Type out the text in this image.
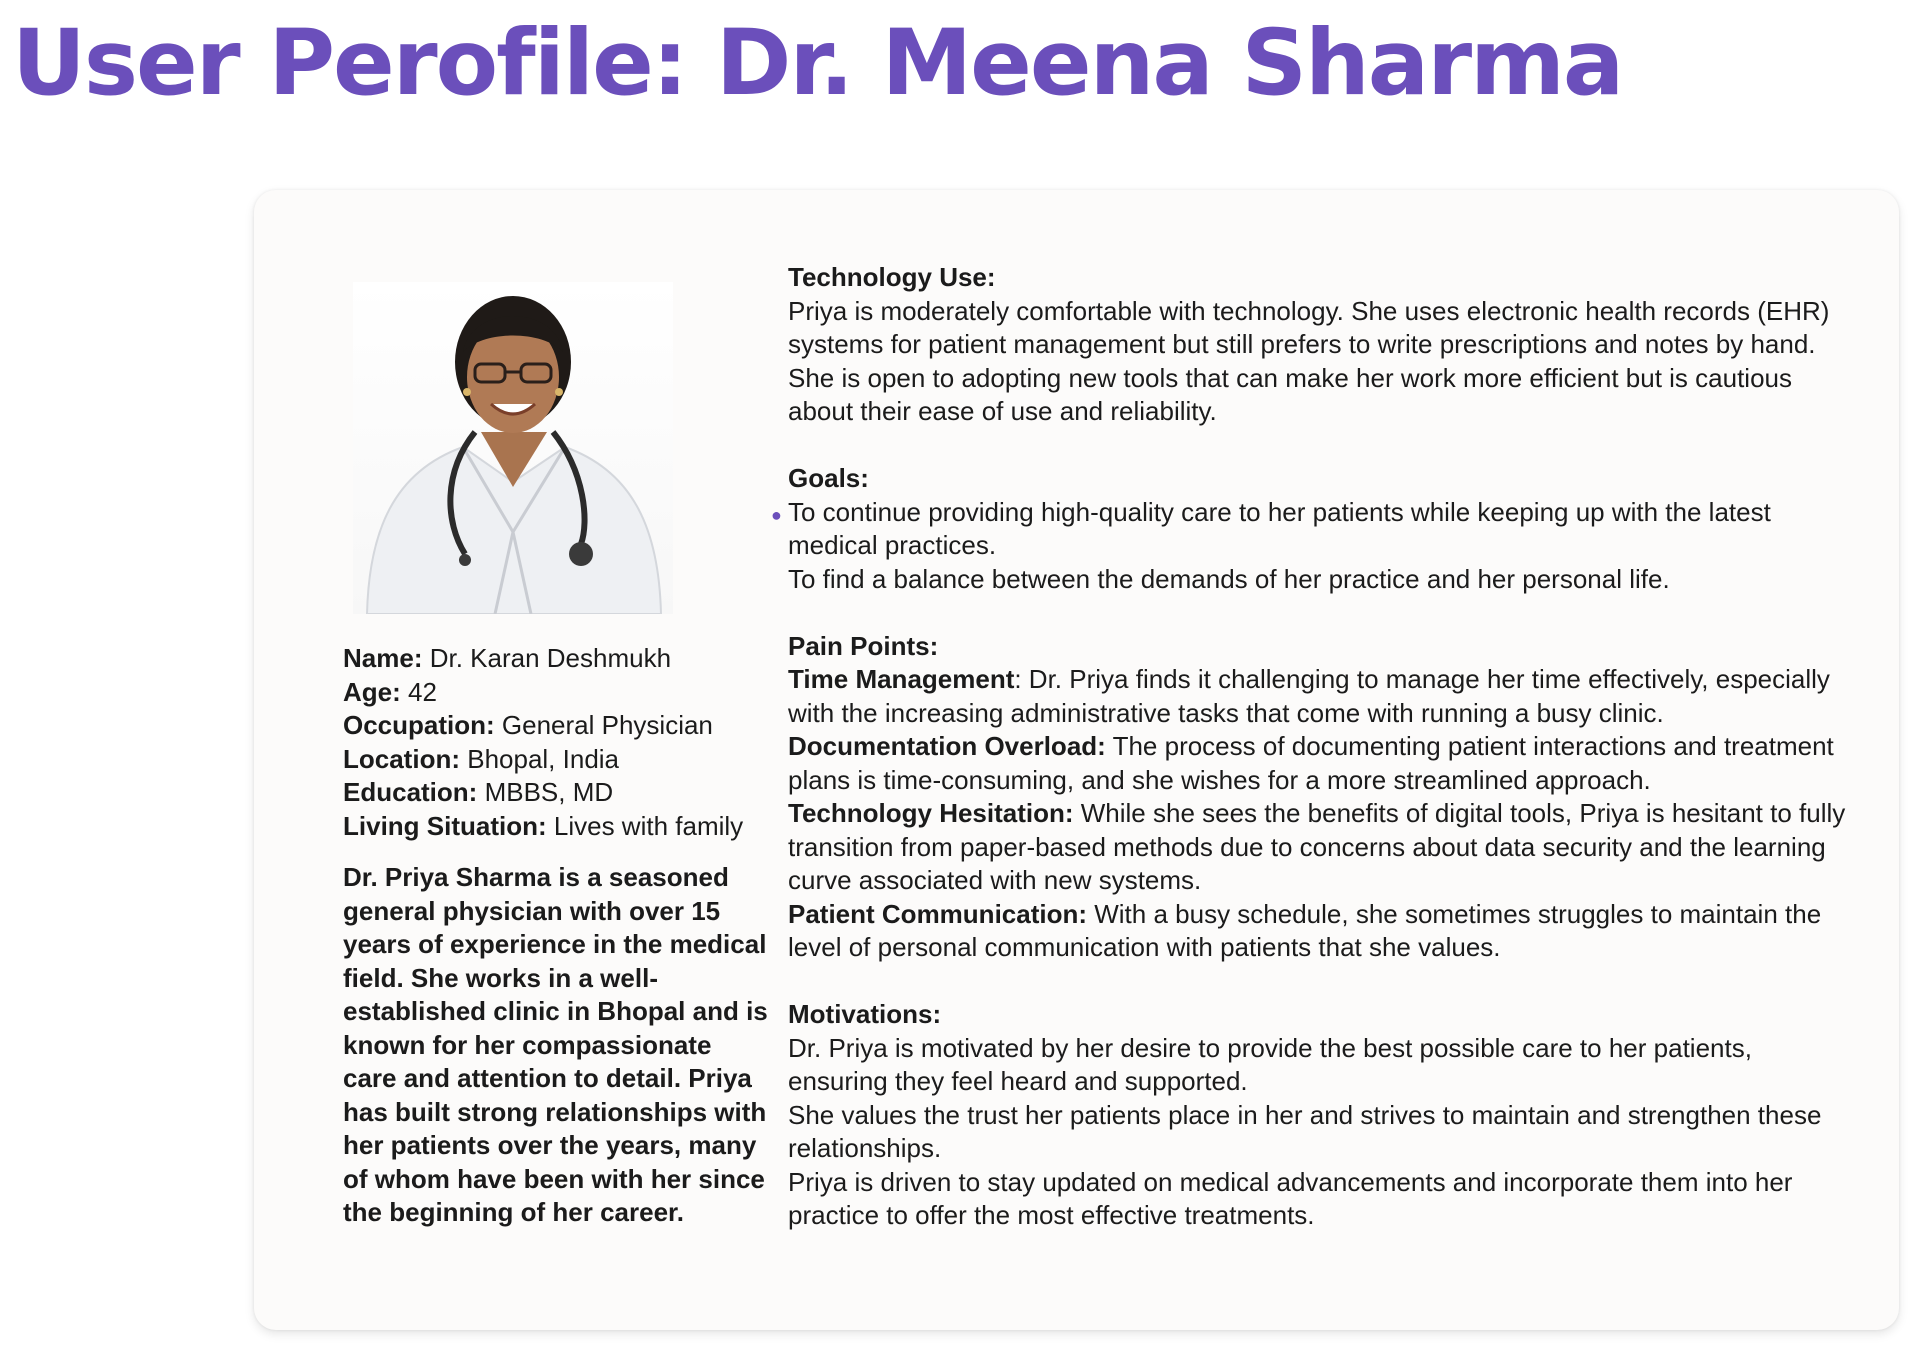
User Perofile: Dr. Meena Sharma
Name: Dr. Karan Deshmukh
Age: 42
Occupation: General Physician
Location: Bhopal, India
Education: MBBS, MD
Living Situation: Lives with family
Dr. Priya Sharma is a seasoned general physician with over 15 years of experience in the medical field. She works in a well-established clinic in Bhopal and is known for her compassionate care and attention to detail. Priya has built strong relationships with her patients over the years, many of whom have been with her since the beginning of her career.
Technology Use:
Priya is moderately comfortable with technology. She uses electronic health records (EHR) systems for patient management but still prefers to write prescriptions and notes by hand. She is open to adopting new tools that can make her work more efficient but is cautious about their ease of use and reliability.
Goals:
● To continue providing high-quality care to her patients while keeping up with the latest medical practices.
To find a balance between the demands of her practice and her personal life.
Pain Points:
Time Management: Dr. Priya finds it challenging to manage her time effectively, especially with the increasing administrative tasks that come with running a busy clinic.
Documentation Overload: The process of documenting patient interactions and treatment plans is time-consuming, and she wishes for a more streamlined approach.
Technology Hesitation: While she sees the benefits of digital tools, Priya is hesitant to fully transition from paper-based methods due to concerns about data security and the learning curve associated with new systems.
Patient Communication: With a busy schedule, she sometimes struggles to maintain the level of personal communication with patients that she values.
Motivations:
Dr. Priya is motivated by her desire to provide the best possible care to her patients, ensuring they feel heard and supported.
She values the trust her patients place in her and strives to maintain and strengthen these relationships.
Priya is driven to stay updated on medical advancements and incorporate them into her practice to offer the most effective treatments.
